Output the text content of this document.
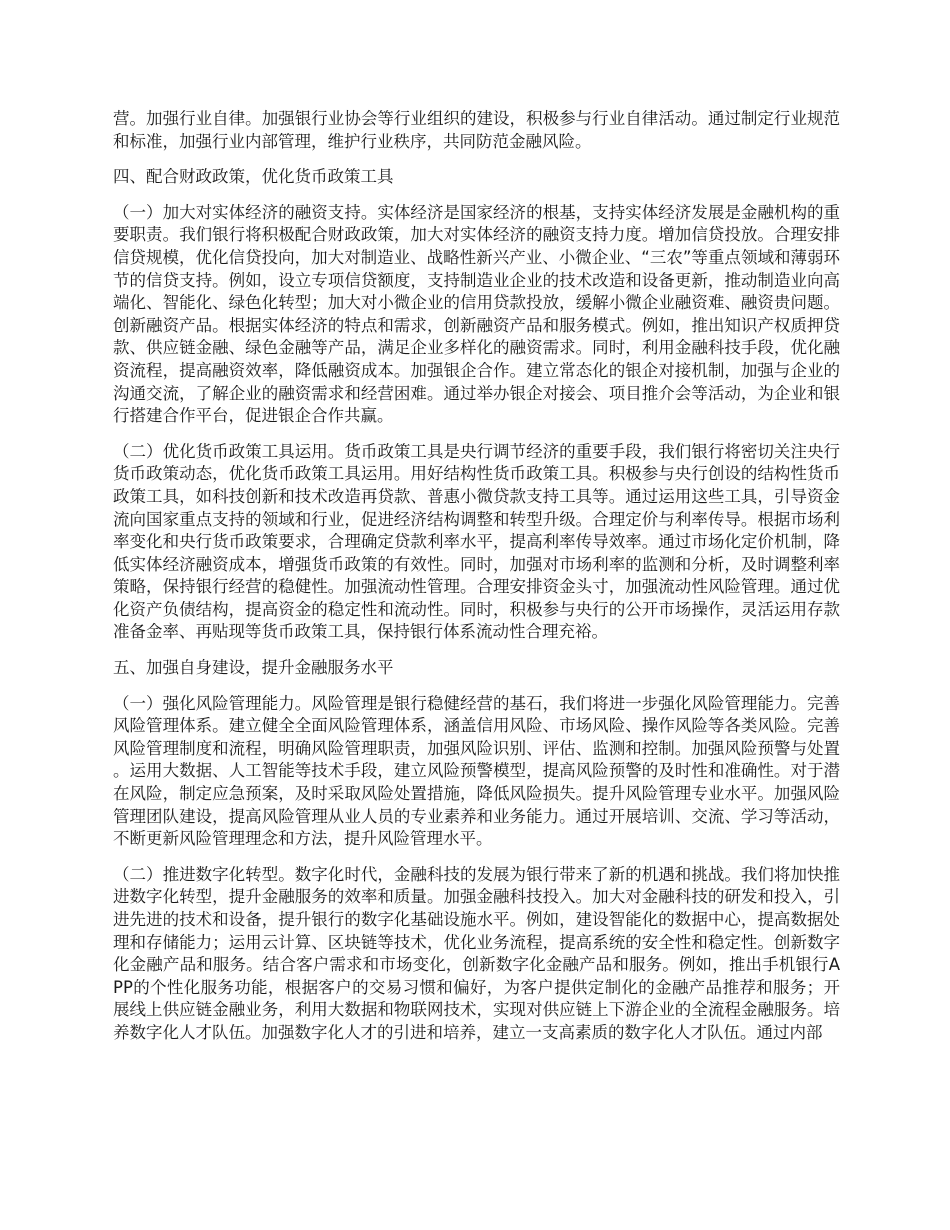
营。加强行业自律。加强银行业协会等行业组织的建设，积极参与行业自律活动。通过制定行业规范和标准，加强行业内部管理，维护行业秩序，共同防范金融风险。

四、配合财政政策，优化货币政策工具

（一）加大对实体经济的融资支持。实体经济是国家经济的根基，支持实体经济发展是金融机构的重要职责。我们银行将积极配合财政政策，加大对实体经济的融资支持力度。增加信贷投放。合理安排信贷规模，优化信贷投向，加大对制造业、战略性新兴产业、小微企业、“三农”等重点领域和薄弱环节的信贷支持。例如，设立专项信贷额度，支持制造业企业的技术改造和设备更新，推动制造业向高端化、智能化、绿色化转型；加大对小微企业的信用贷款投放，缓解小微企业融资难、融资贵问题。创新融资产品。根据实体经济的特点和需求，创新融资产品和服务模式。例如，推出知识产权质押贷款、供应链金融、绿色金融等产品，满足企业多样化的融资需求。同时，利用金融科技手段，优化融资流程，提高融资效率，降低融资成本。加强银企合作。建立常态化的银企对接机制，加强与企业的沟通交流，了解企业的融资需求和经营困难。通过举办银企对接会、项目推介会等活动，为企业和银行搭建合作平台，促进银企合作共赢。

（二）优化货币政策工具运用。货币政策工具是央行调节经济的重要手段，我们银行将密切关注央行货币政策动态，优化货币政策工具运用。用好结构性货币政策工具。积极参与央行创设的结构性货币政策工具，如科技创新和技术改造再贷款、普惠小微贷款支持工具等。通过运用这些工具，引导资金流向国家重点支持的领域和行业，促进经济结构调整和转型升级。合理定价与利率传导。根据市场利率变化和央行货币政策要求，合理确定贷款利率水平，提高利率传导效率。通过市场化定价机制，降低实体经济融资成本，增强货币政策的有效性。同时，加强对市场利率的监测和分析，及时调整利率策略，保持银行经营的稳健性。加强流动性管理。合理安排资金头寸，加强流动性风险管理。通过优化资产负债结构，提高资金的稳定性和流动性。同时，积极参与央行的公开市场操作，灵活运用存款准备金率、再贴现等货币政策工具，保持银行体系流动性合理充裕。

五、加强自身建设，提升金融服务水平

（一）强化风险管理能力。风险管理是银行稳健经营的基石，我们将进一步强化风险管理能力。完善风险管理体系。建立健全全面风险管理体系，涵盖信用风险、市场风险、操作风险等各类风险。完善风险管理制度和流程，明确风险管理职责，加强风险识别、评估、监测和控制。加强风险预警与处置。运用大数据、人工智能等技术手段，建立风险预警模型，提高风险预警的及时性和准确性。对于潜在风险，制定应急预案，及时采取风险处置措施，降低风险损失。提升风险管理专业水平。加强风险管理团队建设，提高风险管理从业人员的专业素养和业务能力。通过开展培训、交流、学习等活动，不断更新风险管理理念和方法，提升风险管理水平。

（二）推进数字化转型。数字化时代，金融科技的发展为银行带来了新的机遇和挑战。我们将加快推进数字化转型，提升金融服务的效率和质量。加强金融科技投入。加大对金融科技的研发和投入，引进先进的技术和设备，提升银行的数字化基础设施水平。例如，建设智能化的数据中心，提高数据处理和存储能力；运用云计算、区块链等技术，优化业务流程，提高系统的安全性和稳定性。创新数字化金融产品和服务。结合客户需求和市场变化，创新数字化金融产品和服务。例如，推出手机银行APP的个性化服务功能，根据客户的交易习惯和偏好，为客户提供定制化的金融产品推荐和服务；开展线上供应链金融业务，利用大数据和物联网技术，实现对供应链上下游企业的全流程金融服务。培养数字化人才队伍。加强数字化人才的引进和培养，建立一支高素质的数字化人才队伍。通过内部
